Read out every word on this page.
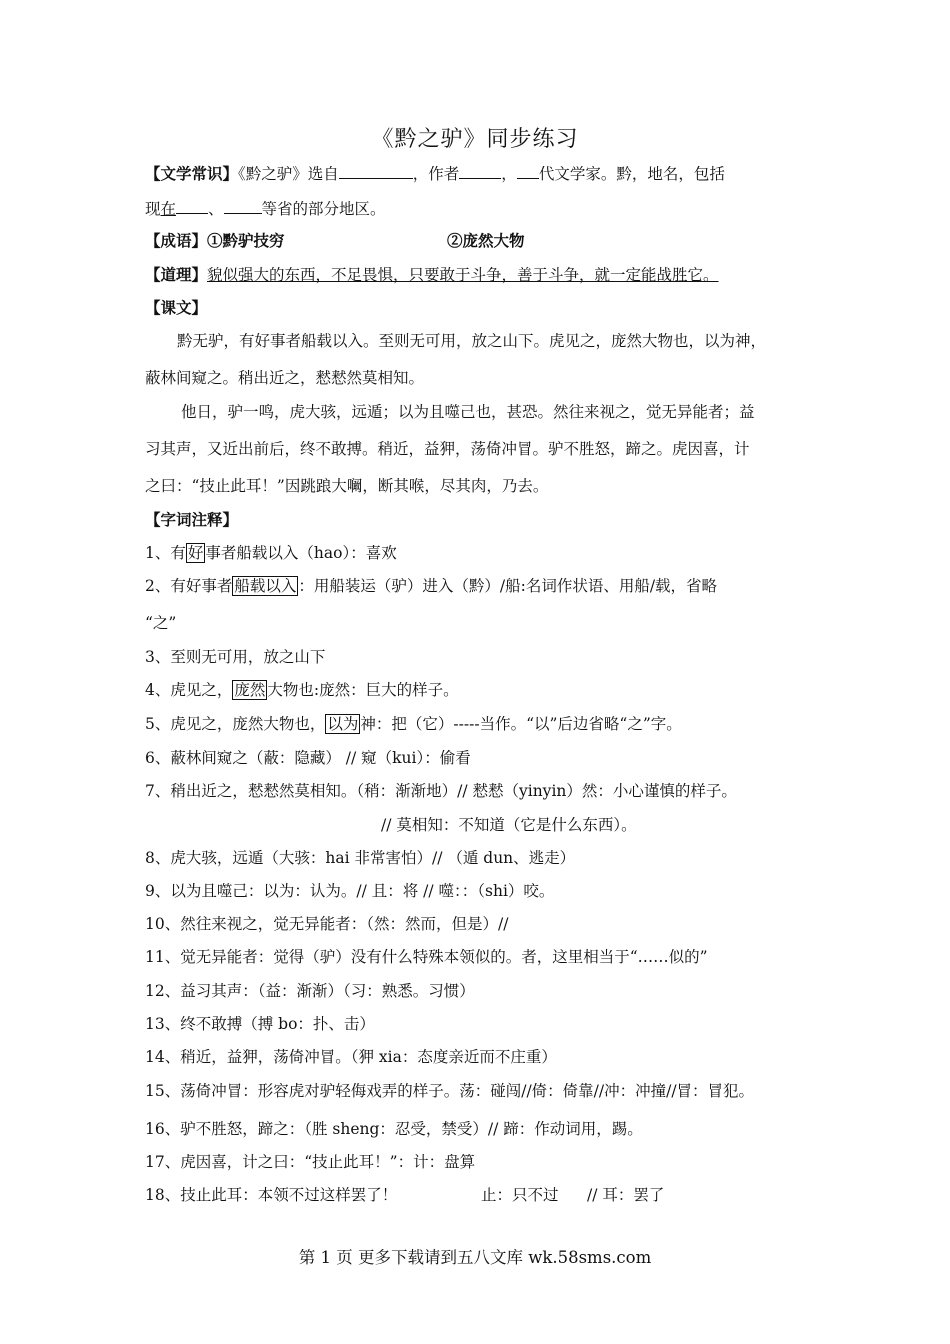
《黔之驴》同步练习
【文学常识】《黔之驴》选自	，作者	， 代文学家。黔，地名，包括
现在 、 等省的部分地区。
【成语】①黔驴技穷	②庞然大物
【道理】貌似强大的东西，不足畏惧，只要敢于斗争，善于斗争，就一定能战胜它。
【课文】
黔无驴，有好事者船载以入。至则无可用，放之山下。虎见之，庞然大物也，以为神，
蔽林间窥之。稍出近之，慭慭然莫相知。
他日，驴一鸣，虎大骇，远遁；以为且噬己也，甚恐。然往来视之，觉无异能者；益
习其声，又近出前后，终不敢搏。稍近，益狎，荡倚冲冒。驴不胜怒，蹄之。虎因喜，计
之曰：“技止此耳！”因跳踉大㘎，断其喉，尽其肉，乃去。
【字词注释】
1、有 好 事者船载以入（hao）：喜欢
2、有好事者 船载以入 ：用船装运（驴）进入（黔）/船:名词作状语、用船/载，省略
“之”
3、至则无可用，放之山下
4、虎见之， 庞然 大物也:庞然：巨大的样子。
5、虎见之，庞然大物也， 以为 神：把（它）-----当作。“以”后边省略“之”字。
6、蔽林间窥之（蔽：隐藏） // 窥（kui）：偷看
7、稍出近之，慭慭然莫相知。（稍：渐渐地）// 慭慭（yinyin）然：小心谨慎的样子。
// 莫相知：不知道（它是什么东西）。
8、虎大骇，远遁（大骇：hai 非常害怕）// （遁 dun、逃走）
9、以为且噬己：以为：认为。// 且：将 // 噬：：（shi）咬。
10、然往来视之，觉无异能者：（然：然而，但是）//
11、觉无异能者：觉得（驴）没有什么特殊本领似的。者，这里相当于“……似的”
12、益习其声：（益：渐渐）（习：熟悉。习惯）
13、终不敢搏（搏 bo：扑、击）
14、稍近，益狎，荡倚冲冒。（狎 xia：态度亲近而不庄重）
15、荡倚冲冒：形容虎对驴轻侮戏弄的样子。荡：碰闯//倚：倚靠//冲：冲撞//冒：冒犯。
16、驴不胜怒，蹄之：（胜 sheng：忍受，禁受）// 蹄：作动词用，踢。
17、虎因喜，计之曰：“技止此耳！”：计：盘算
18、技止此耳：本领不过这样罢了！	止：只不过 // 耳：罢了
第 1 页 更多下载请到五八文库 wk.58sms.com
